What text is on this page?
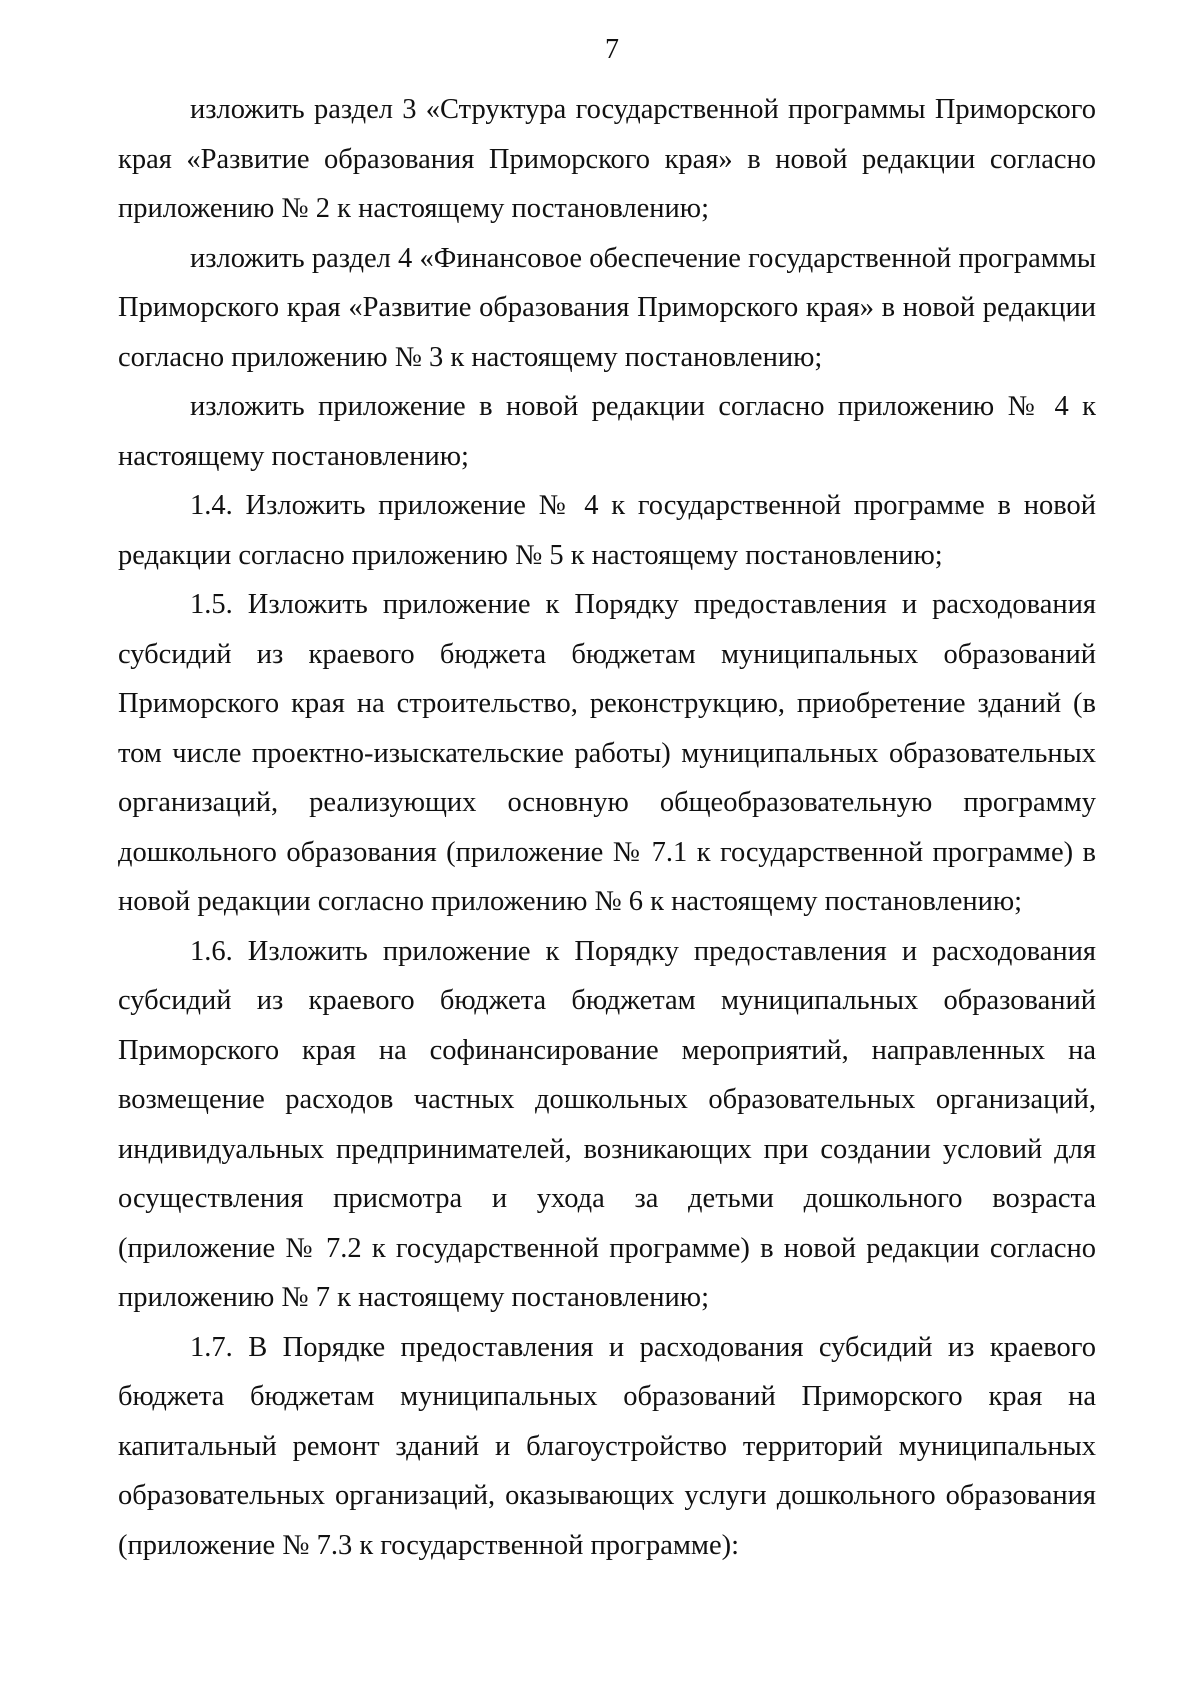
7

изложить раздел 3 «Структура государственной программы Приморского края «Развитие образования Приморского края» в новой редакции согласно приложению № 2 к настоящему постановлению;

изложить раздел 4 «Финансовое обеспечение государственной программы Приморского края «Развитие образования Приморского края» в новой редакции согласно приложению № 3 к настоящему постановлению;

изложить приложение в новой редакции согласно приложению № 4 к настоящему постановлению;

1.4. Изложить приложение № 4 к государственной программе в новой редакции согласно приложению № 5 к настоящему постановлению;

1.5. Изложить приложение к Порядку предоставления и расходования субсидий из краевого бюджета бюджетам муниципальных образований Приморского края на строительство, реконструкцию, приобретение зданий (в том числе проектно-изыскательские работы) муниципальных образовательных организаций, реализующих основную общеобразовательную программу дошкольного образования (приложение № 7.1 к государственной программе) в новой редакции согласно приложению № 6 к настоящему постановлению;

1.6. Изложить приложение к Порядку предоставления и расходования субсидий из краевого бюджета бюджетам муниципальных образований Приморского края на софинансирование мероприятий, направленных на возмещение расходов частных дошкольных образовательных организаций, индивидуальных предпринимателей, возникающих при создании условий для осуществления присмотра и ухода за детьми дошкольного возраста (приложение № 7.2 к государственной программе) в новой редакции согласно приложению № 7 к настоящему постановлению;

1.7. В Порядке предоставления и расходования субсидий из краевого бюджета бюджетам муниципальных образований Приморского края на капитальный ремонт зданий и благоустройство территорий муниципальных образовательных организаций, оказывающих услуги дошкольного образования (приложение № 7.3 к государственной программе):
